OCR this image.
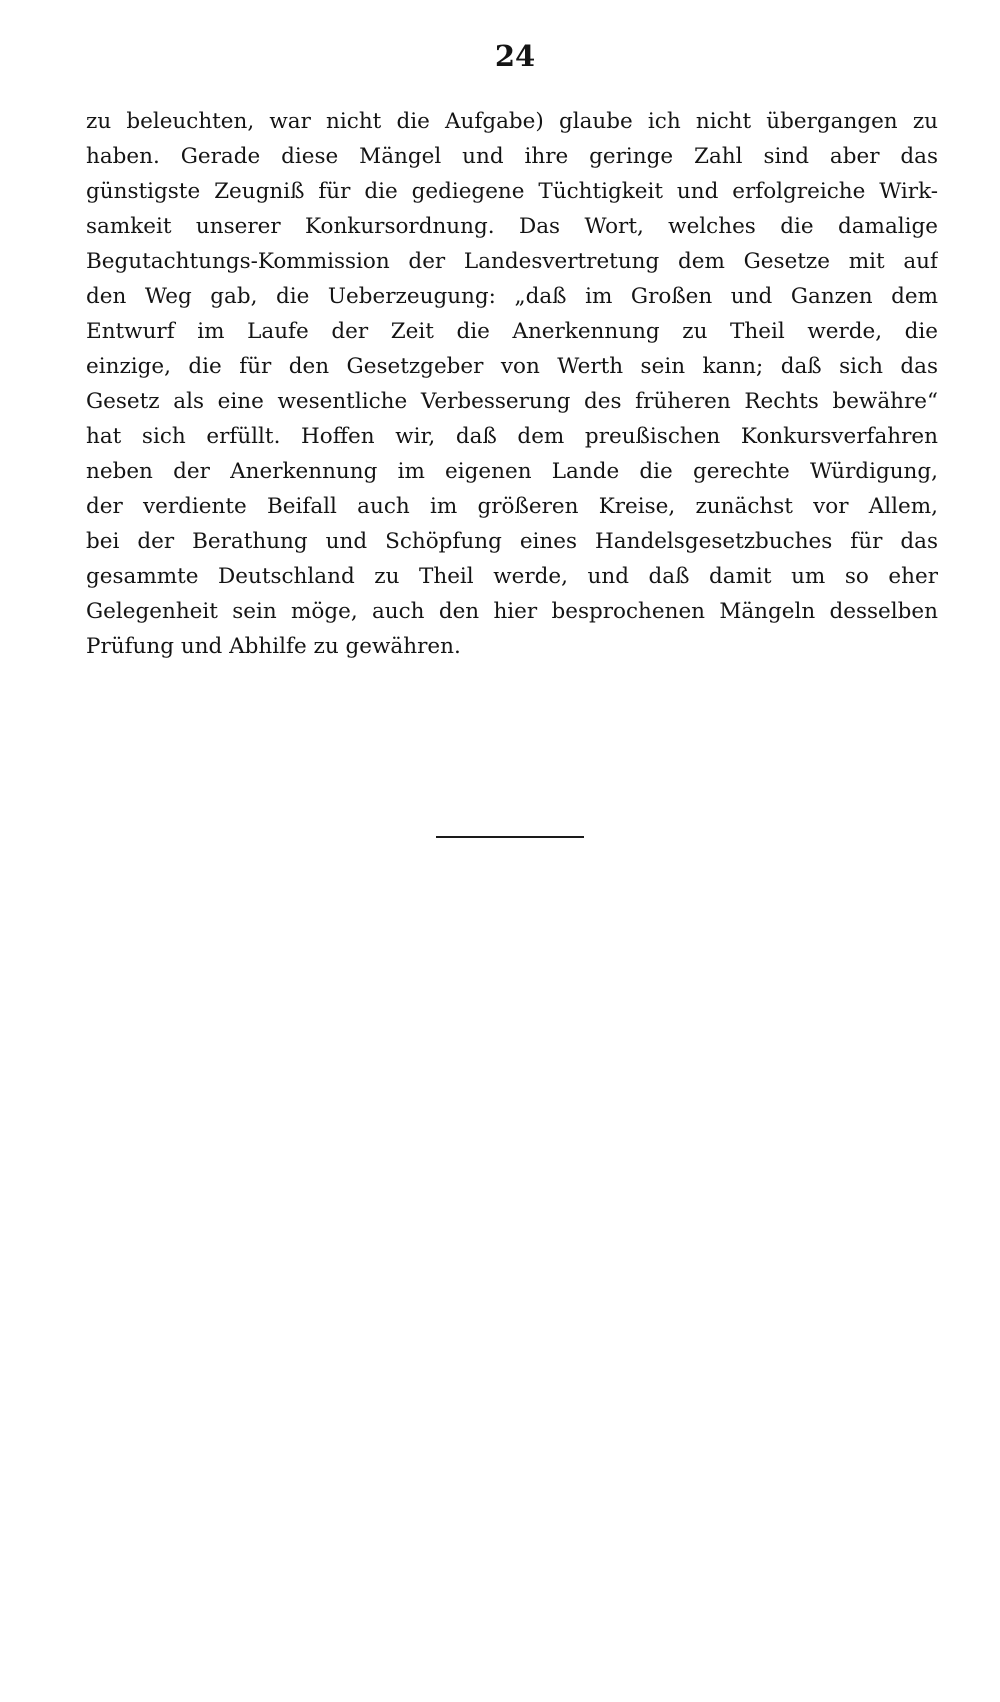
24
zu beleuchten, war nicht die Aufgabe) glaube ich nicht übergangen zu
haben. Gerade diese Mängel und ihre geringe Zahl sind aber das
günstigste Zeugniß für die gediegene Tüchtigkeit und erfolgreiche Wirk-
samkeit unserer Konkursordnung. Das Wort, welches die damalige
Begutachtungs-Kommission der Landesvertretung dem Gesetze mit auf
den Weg gab, die Ueberzeugung: „daß im Großen und Ganzen dem
Entwurf im Laufe der Zeit die Anerkennung zu Theil werde, die
einzige, die für den Gesetzgeber von Werth sein kann; daß sich das
Gesetz als eine wesentliche Verbesserung des früheren Rechts bewähre“
hat sich erfüllt. Hoffen wir, daß dem preußischen Konkursverfahren
neben der Anerkennung im eigenen Lande die gerechte Würdigung,
der verdiente Beifall auch im größeren Kreise, zunächst vor Allem,
bei der Berathung und Schöpfung eines Handelsgesetzbuches für das
gesammte Deutschland zu Theil werde, und daß damit um so eher
Gelegenheit sein möge, auch den hier besprochenen Mängeln desselben
Prüfung und Abhilfe zu gewähren.
